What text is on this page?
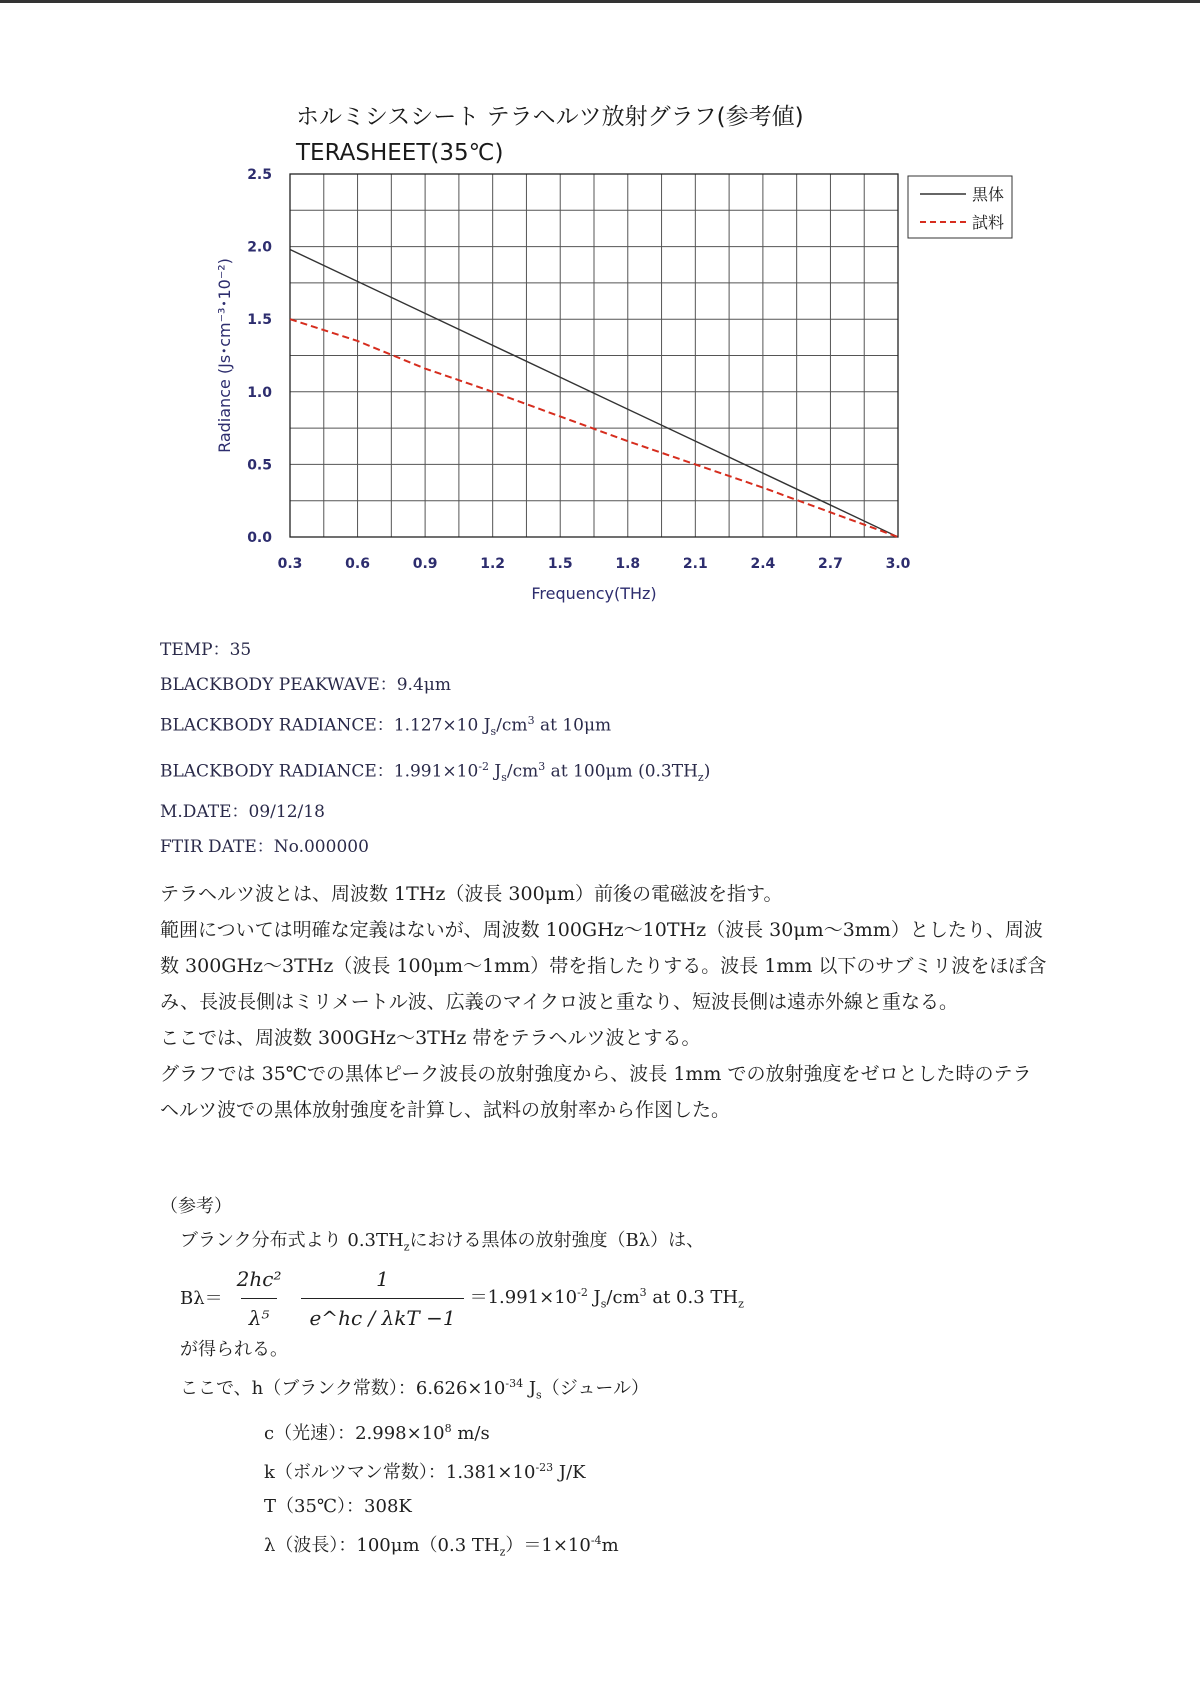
ホルミシスシート テラヘルツ放射グラフ(参考値)
TERASHEET(35℃)
0.3	0.6	0.9	1.2	1.5	1.8	2.1	2.4	2.7	3.0
0.0
0.5
1.0
1.5
2.0
2.5
Frequency(THz)
Radiance (Js･cm⁻³･10⁻²)
黒体
試料
TEMP：35
BLACKBODY PEAKWAVE：9.4μm
BLACKBODY RADIANCE：1.127×10 $J_s/cm^3$ at 10μm
BLACKBODY RADIANCE：$1.991\times 10^{-2}$ $J_s/cm^3$ at 100μm $(0.3TH_z)$
M.DATE：09/12/18
FTIR DATE：No.000000

テラヘルツ波とは、周波数 1THz（波長 300μm）前後の電磁波を指す。

範囲については明確な定義はないが、周波数 100GHz～10THz（波長 30μm～3mm）としたり、周波数 300GHz～3THz（波長 100μm～1mm）帯を指したりする。波長 1mm 以下のサブミリ波をほぼ含み、長波長側はミリメートル波、広義のマイクロ波と重なり、短波長側は遠赤外線と重なる。

ここでは、周波数 300GHz～3THz 帯をテラヘルツ波とする。

グラフでは 35℃での黒体ピーク波長の放射強度から、波長 1mm での放射強度をゼロとした時のテラヘルツ波での黒体放射強度を計算し、試料の放射率から作図した。

（参考）
ブランク分布式より $0.3TH_z$における黒体の放射強度（Bλ）は、
$B\lambda= \frac{\text{2hc²}}{\text{λ⁵}} \frac{1}{\text{e\textasciicircum{}hc / λkT −1}} =1.991\times 10^{-2}$ $J_s/cm^3$ at 0.3 $TH_z$
が得られる。
ここで、h（ブランク常数）：$6.626\times 10^{-34}$ $J_s$（ジュール）
c（光速）：$2.998\times 10^8$ m/s
k（ボルツマン常数）：$1.381\times 10^{-23}$ J/K
T（35℃）：308K
λ（波長）：100μm（0.3 $TH_z)=1\times 10^{-4}m$
